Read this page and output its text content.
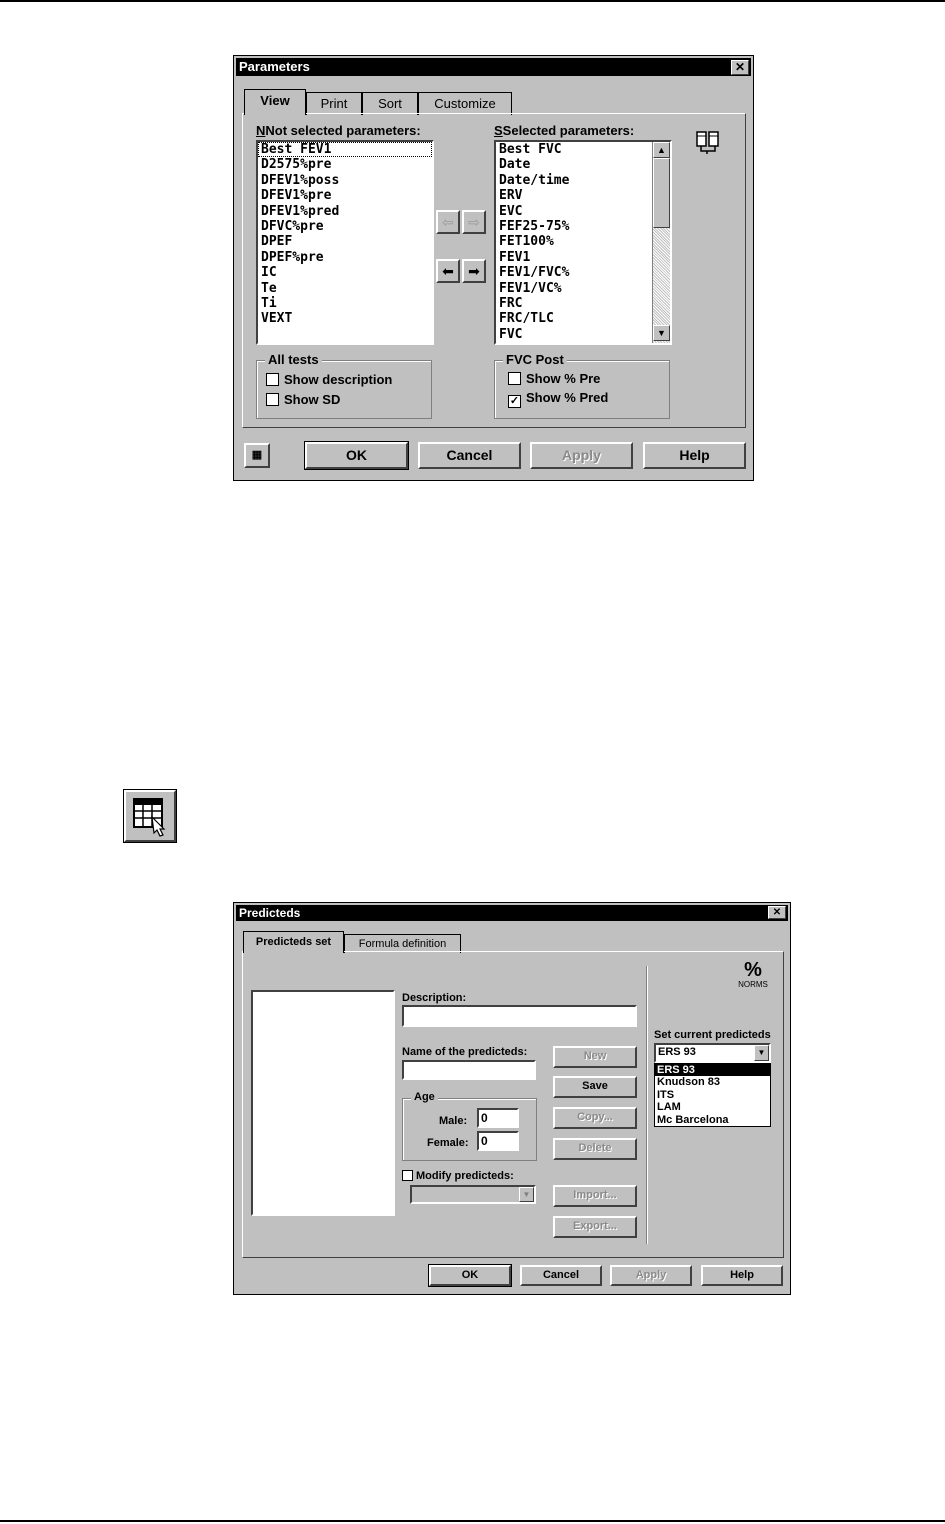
Parameters	✕
View	Print	Sort	Customize
NNot selected parameters:	SSelected parameters:
Best FEV1
D2575%pre
DFEV1%poss
DFEV1%pre
DFEV1%pred
DFVC%pre
DPEF
DPEF%pre
IC
Te
Ti
VEXT
⇦	⇨
⬅	➡
Best FVC
Date
Date/time
ERV
EVC
FEF25-75%
FET100%
FEV1
FEV1/FVC%
FEV1/VC%
FRC
FRC/TLC
FVC
▲
▼
All tests
Show description
Show SD
FVC Post
Show % Pre
✓ Show % Pred
▦	OK	Cancel	Apply	Help
Predicteds	✕
Predicteds set	Formula definition
Description:
Name of the predicteds:
Age
Male:	0
Female:	0
Modify predicteds:
▼
New
Save
Copy...
Delete
Import...
Export...
%
NORMS
Set current predicteds
ERS 93	▼
ERS 93
Knudson 83
ITS
LAM
Mc Barcelona
OK	Cancel	Apply	Help
